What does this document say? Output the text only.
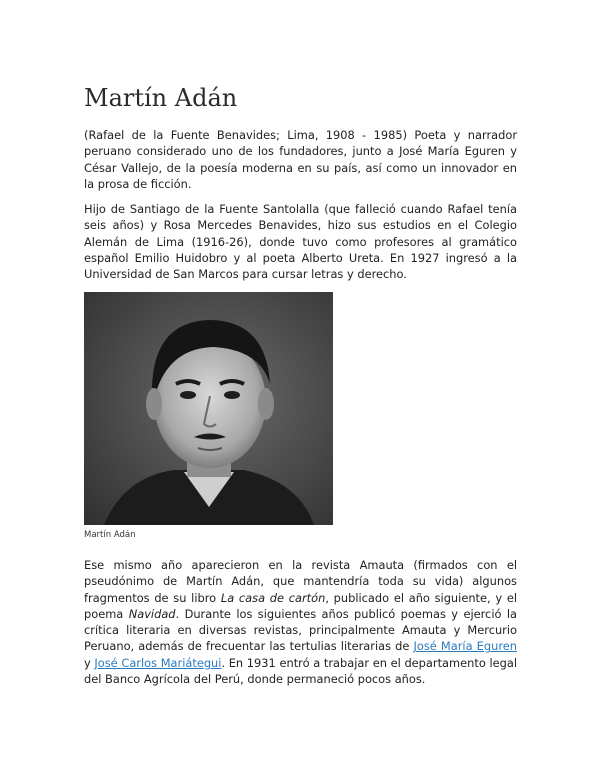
Martín Adán

(Rafael de la Fuente Benavides; Lima, 1908 - 1985) Poeta y narrador peruano considerado uno de los fundadores, junto a José María Eguren y César Vallejo, de la poesía moderna en su país, así como un innovador en la prosa de ficción.

Hijo de Santiago de la Fuente Santolalla (que falleció cuando Rafael tenía seis años) y Rosa Mercedes Benavides, hizo sus estudios en el Colegio Alemán de Lima (1916-26), donde tuvo como profesores al gramático español Emilio Huidobro y al poeta Alberto Ureta. En 1927 ingresó a la Universidad de San Marcos para cursar letras y derecho.

Martín Adán

Ese mismo año aparecieron en la revista Amauta (firmados con el pseudónimo de Martín Adán, que mantendría toda su vida) algunos fragmentos de su libro La casa de cartón, publicado el año siguiente, y el poema Navidad. Durante los siguientes años publicó poemas y ejerció la crítica literaria en diversas revistas, principalmente Amauta y Mercurio Peruano, además de frecuentar las tertulias literarias de José María Eguren y José Carlos Mariátegui. En 1931 entró a trabajar en el departamento legal del Banco Agrícola del Perú, donde permaneció pocos años.
